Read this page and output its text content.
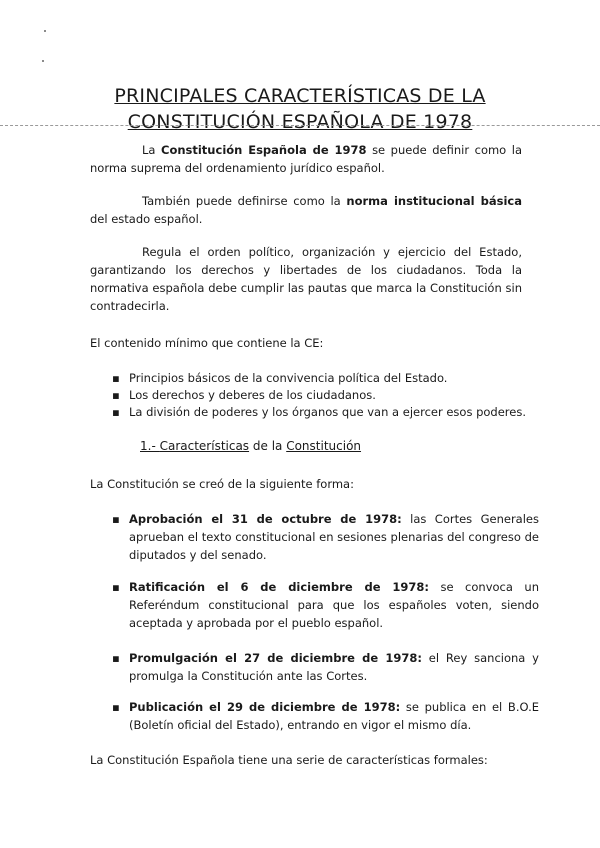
PRINCIPALES CARACTERÍSTICAS DE LA
CONSTITUCIÓN ESPAÑOLA DE 1978

La Constitución Española de 1978 se puede definir como la norma suprema del ordenamiento jurídico español.

También puede definirse como la norma institucional básica del estado español.

Regula el orden político, organización y ejercicio del Estado, garantizando los derechos y libertades de los ciudadanos. Toda la normativa española debe cumplir las pautas que marca la Constitución sin contradecirla.

El contenido mínimo que contiene la CE:

▪ Principios básicos de la convivencia política del Estado.
▪ Los derechos y deberes de los ciudadanos.
▪ La división de poderes y los órganos que van a ejercer esos poderes.
1.- Características de la Constitución

La Constitución se creó de la siguiente forma:

▪ Aprobación el 31 de octubre de 1978: las Cortes Generales aprueban el texto constitucional en sesiones plenarias del congreso de diputados y del senado.

▪ Ratificación el 6 de diciembre de 1978: se convoca un Referéndum constitucional para que los españoles voten, siendo aceptada y aprobada por el pueblo español.

▪ Promulgación el 27 de diciembre de 1978: el Rey sanciona y promulga la Constitución ante las Cortes.

▪ Publicación el 29 de diciembre de 1978: se publica en el B.O.E (Boletín oficial del Estado), entrando en vigor el mismo día.

La Constitución Española tiene una serie de características formales:
